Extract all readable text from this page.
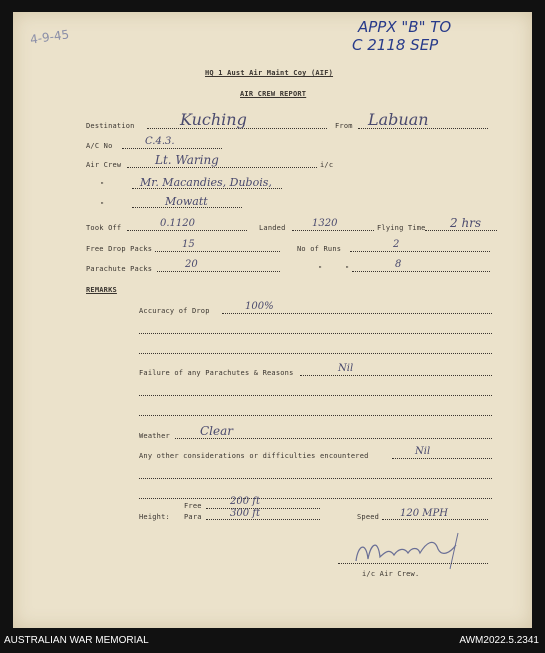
4-9-45
APPX "B" TO
C 2118 SEP
HQ 1 Aust Air Maint Coy (AIF)
AIR CREW REPORT
Destination	Kuching	From Labuan
A/C No	C.4.3.
Air Crew	Lt. Waring	i/c
"	Mr. Macandies, Dubois,
"	Mowatt
Took Off	0.1120	Landed	1320	Flying Time 2 hrs
Free Drop Packs	15	No of Runs	2
Parachute Packs	20	"	"	8
REMARKS
Accuracy of Drop	100%
Failure of any Parachutes & Reasons	Nil
Weather	Clear
Any other considerations or difficulties encountered	Nil
Free	200 ft
Height: Para	300 ft	Speed 120 MPH
i/c Air Crew.
AUSTRALIAN WAR MEMORIAL	AWM2022.5.2341
